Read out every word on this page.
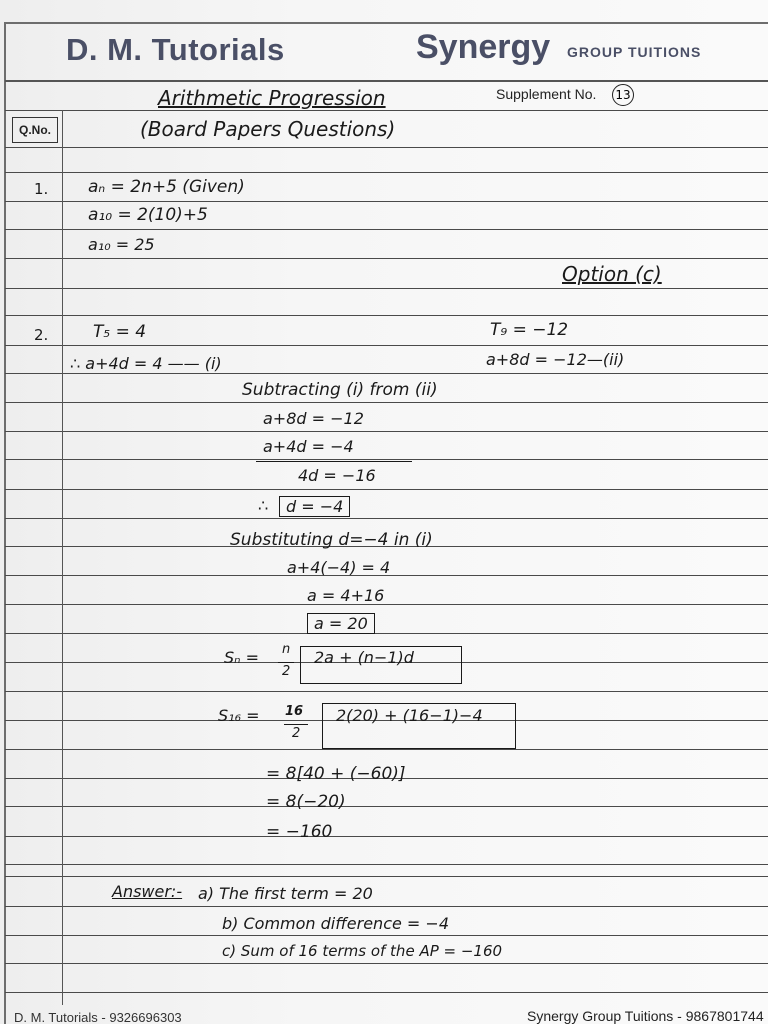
D. M. Tutorials	Synergy GROUP TUITIONS
Supplement No. 13
Q.No.
Arithmetic Progression
(Board Papers Questions)
1. aₙ = 2n+5 (Given)
a₁₀ = 2(10)+5
a₁₀ = 25
Option (c)
2.	T₅ = 4	T₉ = −12
∴ a+4d = 4 —— (i)	a+8d = −12—(ii)
Subtracting (i) from (ii)
a+8d = −12
a+4d = −4
4d = −16
∴	d = −4
Substituting d=−4 in (i)
a+4(−4) = 4
a = 4+16
a = 20
Sₙ = n
2
2a + (n−1)d
S₁₆ = 16
2
2(20) + (16−1)−4
= 8[40 + (−60)]
= 8(−20)
= −160
Answer:- a) The first term = 20
b) Common difference = −4
c) Sum of 16 terms of the AP = −160
D. M. Tutorials - 9326696303	Synergy Group Tuitions - 9867801744
